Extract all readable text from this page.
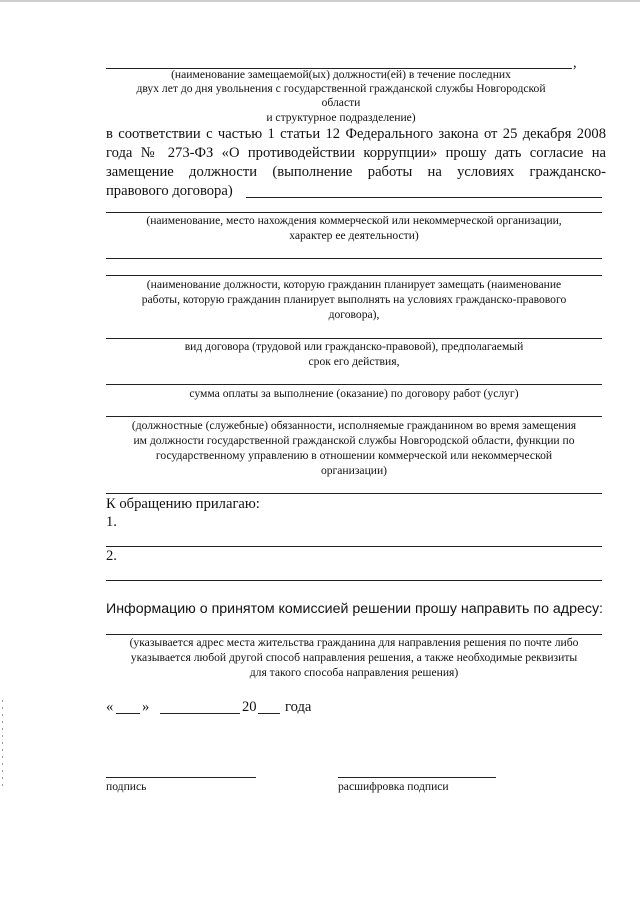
,
(наименование замещаемой(ых) должности(ей) в течение последних
двух лет до дня увольнения с государственной гражданской службы Новгородской
области
и структурное подразделение)
в соответствии с частью 1 статьи 12 Федерального закона от 25 декабря 2008
года № 273-ФЗ «О противодействии коррупции» прошу дать согласие на
замещение должности (выполнение работы на условиях гражданско-
правового договора)
(наименование, место нахождения коммерческой или некоммерческой организации,
характер ее деятельности)
(наименование должности, которую гражданин планирует замещать (наименование
работы, которую гражданин планирует выполнять на условиях гражданско-правового
договора),
вид договора (трудовой или гражданско-правовой), предполагаемый
срок его действия,
сумма оплаты за выполнение (оказание) по договору работ (услуг)
(должностные (служебные) обязанности, исполняемые гражданином во время замещения
им должности государственной гражданской службы Новгородской области, функции по
государственному управлению в отношении коммерческой или некоммерческой
организации)
К обращению прилагаю:
1.
2.
Информацию о принятом комиссией решении прошу направить по адресу:
(указывается адрес места жительства гражданина для направления решения по почте либо
указывается любой другой способ направления решения, а также необходимые реквизиты
для такого способа направления решения)
« »	20 года
подпись	расшифровка подписи
